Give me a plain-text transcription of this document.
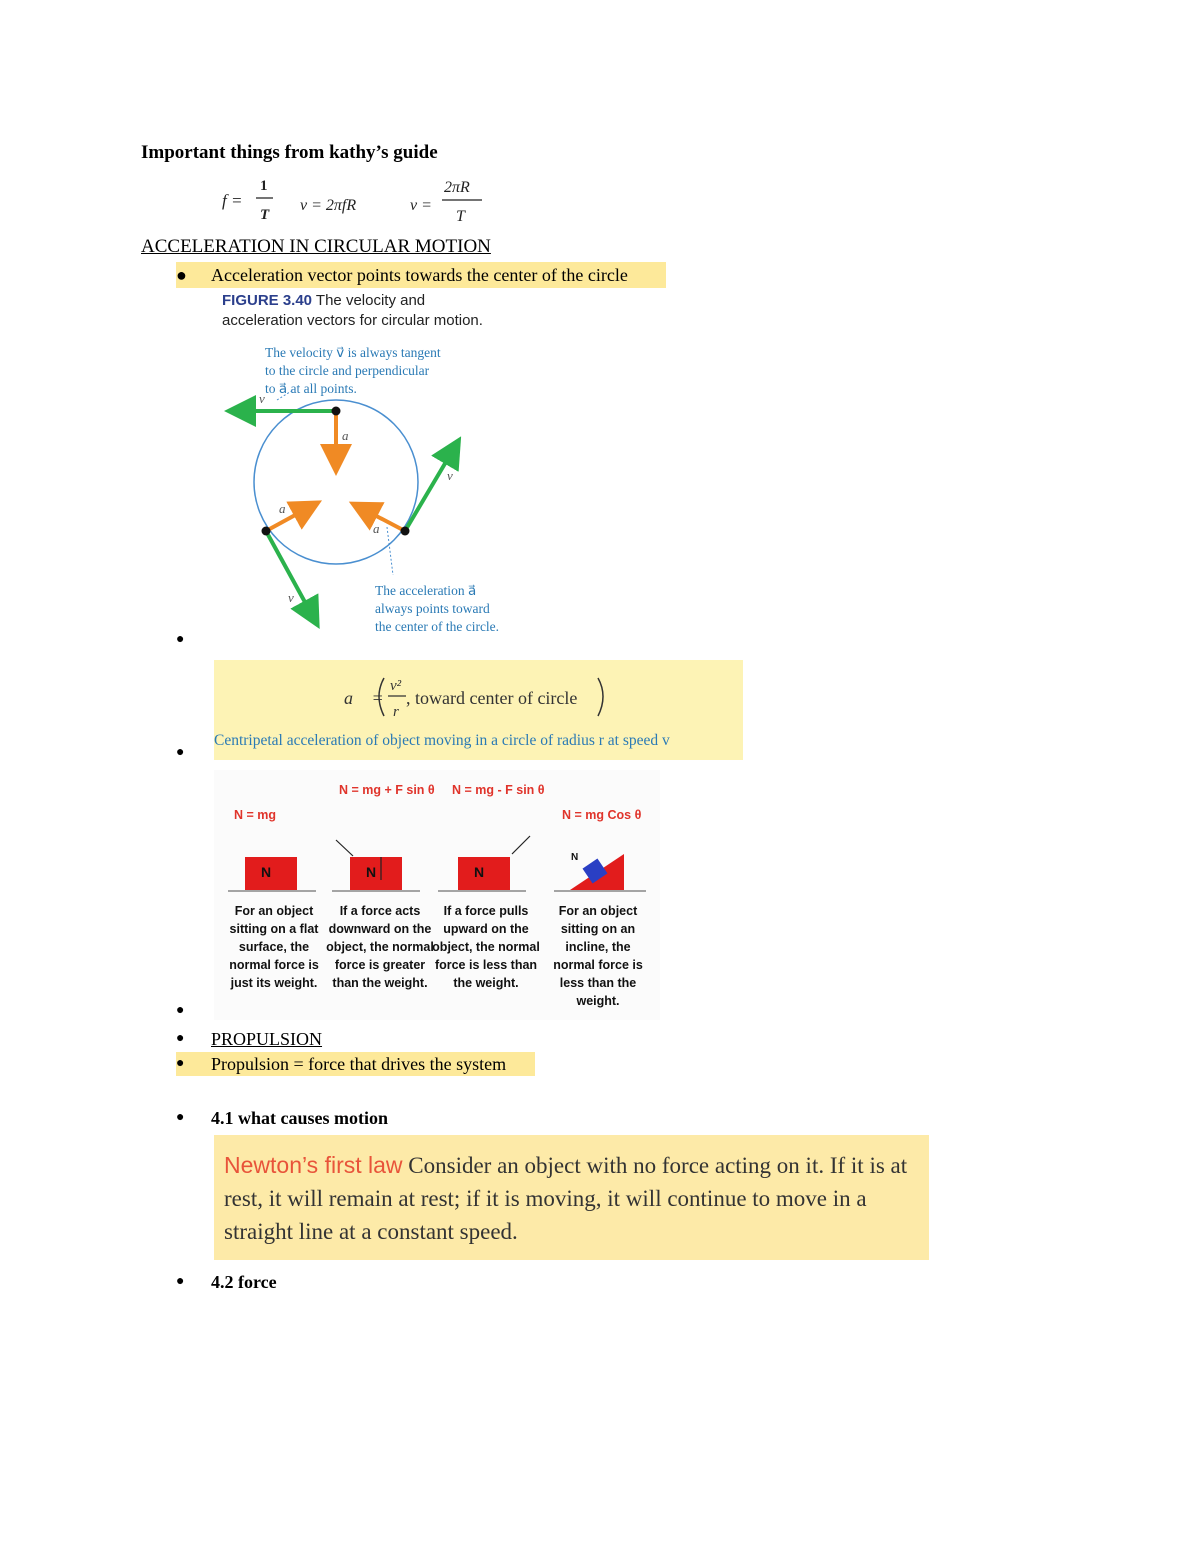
Important things from kathy’s guide
f =
1
T
v = 2πfR	v =
2πR
T
ACCELERATION IN CIRCULAR MOTION
● Acceleration vector points towards the center of the circle
FIGURE 3.40 The velocity and
acceleration vectors for circular motion.
The velocity v⃗ is always tangent
to the circle and perpendicular
to a⃗ at all points.
v⃗
a⃗
v⃗
a⃗
a⃗
v⃗	The acceleration a⃗
always points toward
the center of the circle.
●
a⃗ =
v²
r
, toward center of circle
Centripetal acceleration of object moving in a circle of radius r at speed v
●
N = mg
N = mg + F sin θ N = mg - F sin θ
N = mg Cos θ
N	N	N
N
For an object sitting on a flat surface, the normal force is just its weight.
If a force acts downward on the object, the normal force is greater than the weight.
If a force pulls upward on the object, the normal force is less than the weight.
For an object sitting on an incline, the normal force is less than the weight.
●
● PROPULSION
● Propulsion = force that drives the system
● 4.1 what causes motion
Newton’s first law Consider an object with no force acting on it. If it is at rest, it will remain at rest; if it is moving, it will continue to move in a straight line at a constant speed.
● 4.2 force
